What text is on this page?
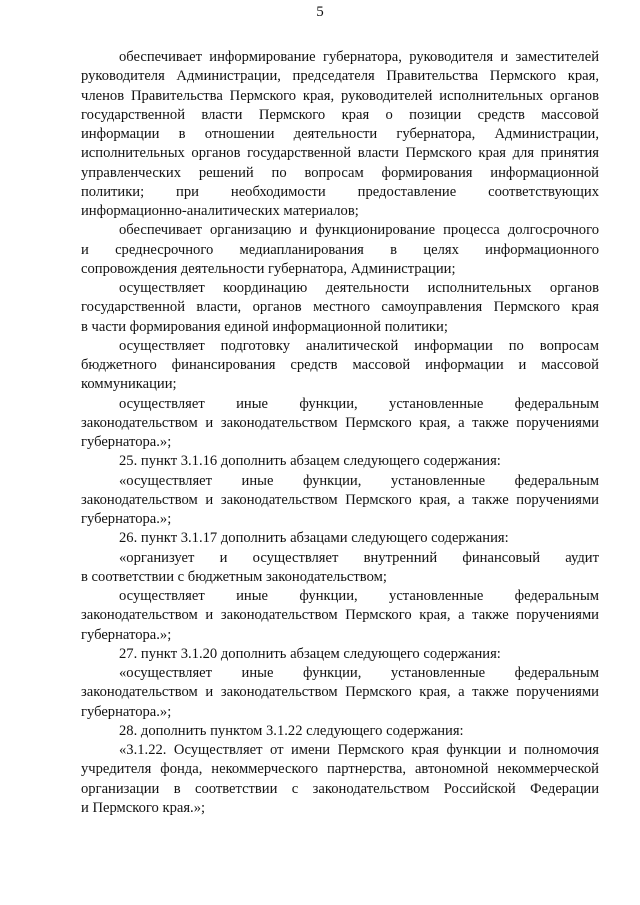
5
обеспечивает информирование губернатора, руководителя и заместителей
руководителя Администрации, председателя Правительства Пермского края,
членов Правительства Пермского края, руководителей исполнительных органов
государственной власти Пермского края о позиции средств массовой
информации в отношении деятельности губернатора, Администрации,
исполнительных органов государственной власти Пермского края для принятия
управленческих решений по вопросам формирования информационной
политики; при необходимости предоставление соответствующих
информационно-аналитических материалов;
обеспечивает организацию и функционирование процесса долгосрочного
и среднесрочного медиапланирования в целях информационного
сопровождения деятельности губернатора, Администрации;
осуществляет координацию деятельности исполнительных органов
государственной власти, органов местного самоуправления Пермского края
в части формирования единой информационной политики;
осуществляет подготовку аналитической информации по вопросам
бюджетного финансирования средств массовой информации и массовой
коммуникации;
осуществляет иные функции, установленные федеральным
законодательством и законодательством Пермского края, а также поручениями
губернатора.»;
25. пункт 3.1.16 дополнить абзацем следующего содержания:
«осуществляет иные функции, установленные федеральным
законодательством и законодательством Пермского края, а также поручениями
губернатора.»;
26. пункт 3.1.17 дополнить абзацами следующего содержания:
«организует и осуществляет внутренний финансовый аудит
в соответствии с бюджетным законодательством;
осуществляет иные функции, установленные федеральным
законодательством и законодательством Пермского края, а также поручениями
губернатора.»;
27. пункт 3.1.20 дополнить абзацем следующего содержания:
«осуществляет иные функции, установленные федеральным
законодательством и законодательством Пермского края, а также поручениями
губернатора.»;
28. дополнить пунктом 3.1.22 следующего содержания:
«3.1.22. Осуществляет от имени Пермского края функции и полномочия
учредителя фонда, некоммерческого партнерства, автономной некоммерческой
организации в соответствии с законодательством Российской Федерации
и Пермского края.»;
